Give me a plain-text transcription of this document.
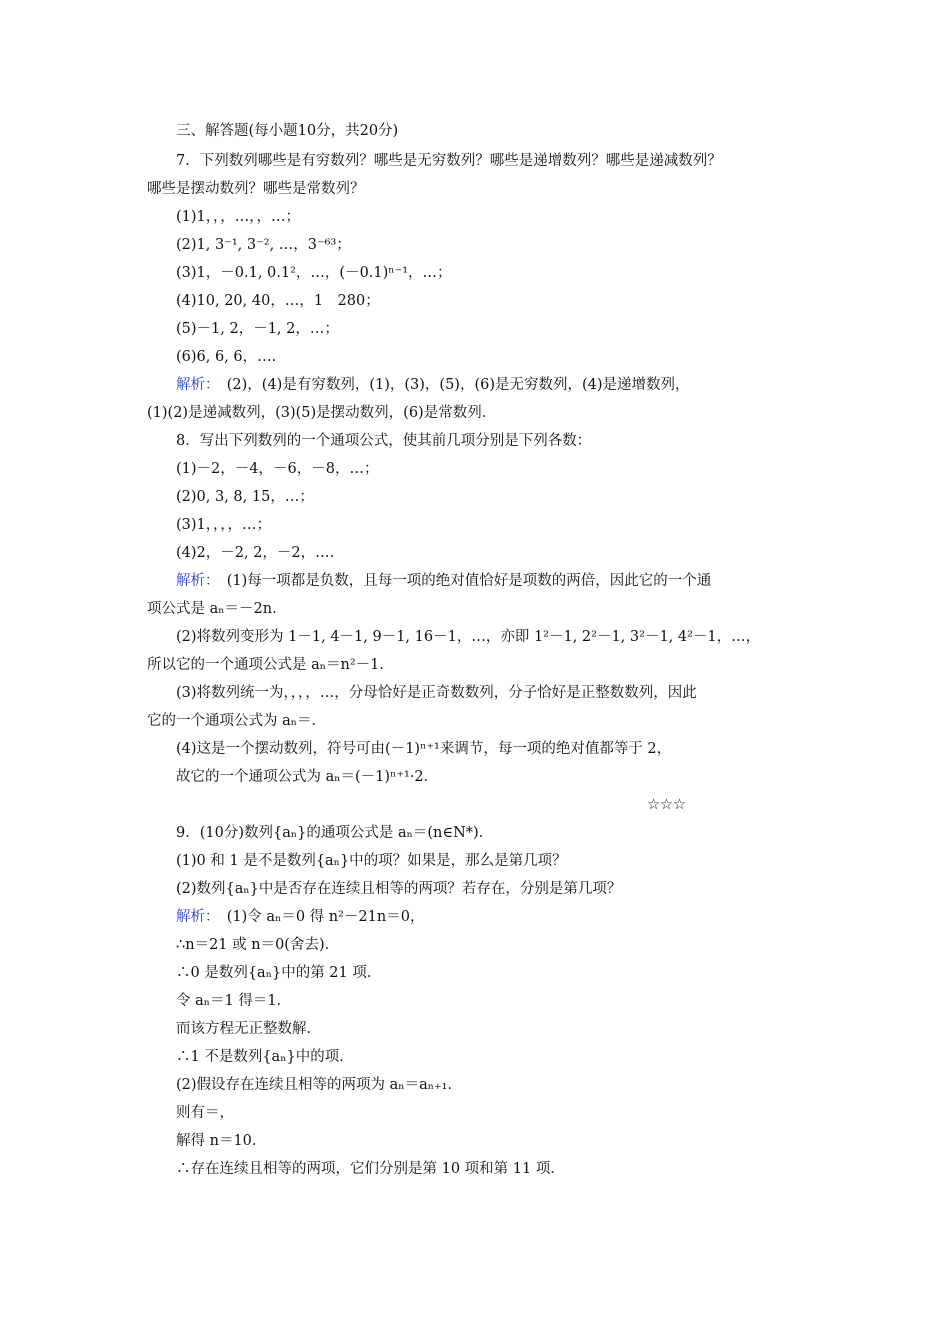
三、解答题(每小题10分，共20分)
7．下列数列哪些是有穷数列？哪些是无穷数列？哪些是递增数列？哪些是递减数列？
哪些是摆动数列？哪些是常数列？
(1)1，，，…，，…；
(2)1, 3⁻¹, 3⁻², …，3⁻⁶³；
(3)1，－0.1, 0.1²，…，(－0.1)ⁿ⁻¹，…；
(4)10, 20, 40，…，1　280；
(5)－1, 2，－1, 2，…；
(6)6, 6, 6，….
解析：　(2)，(4)是有穷数列，(1)，(3)，(5)，(6)是无穷数列，(4)是递增数列，
(1)(2)是递减数列，(3)(5)是摆动数列，(6)是常数列．
8．写出下列数列的一个通项公式，使其前几项分别是下列各数：
(1)－2，－4，－6，－8，…；
(2)0, 3, 8, 15，…；
(3)1，，，，…；
(4)2，－2, 2，－2，….
解析：　(1)每一项都是负数，且每一项的绝对值恰好是项数的两倍，因此它的一个通
项公式是 aₙ＝－2n．
(2)将数列变形为 1－1, 4－1, 9－1, 16－1，…，亦即 1²－1, 2²－1, 3²－1, 4²－1，…，
所以它的一个通项公式是 aₙ＝n²－1．
(3)将数列统一为，，，，…，分母恰好是正奇数数列，分子恰好是正整数数列，因此
它的一个通项公式为 aₙ＝．
(4)这是一个摆动数列，符号可由(－1)ⁿ⁺¹来调节，每一项的绝对值都等于 2，
故它的一个通项公式为 aₙ＝(－1)ⁿ⁺¹·2．
☆☆☆
9．(10分)数列{aₙ}的通项公式是 aₙ＝(n∈N*)．
(1)0 和 1 是不是数列{aₙ}中的项？如果是，那么是第几项？
(2)数列{aₙ}中是否存在连续且相等的两项？若存在，分别是第几项？
解析：　(1)令 aₙ＝0 得 n²－21n＝0，
∴n＝21 或 n＝0(舍去)．
∴0 是数列{aₙ}中的第 21 项．
令 aₙ＝1 得＝1．
而该方程无正整数解．
∴1 不是数列{aₙ}中的项．
(2)假设存在连续且相等的两项为 aₙ＝aₙ₊₁．
则有＝，
解得 n＝10．
∴存在连续且相等的两项，它们分别是第 10 项和第 11 项．
